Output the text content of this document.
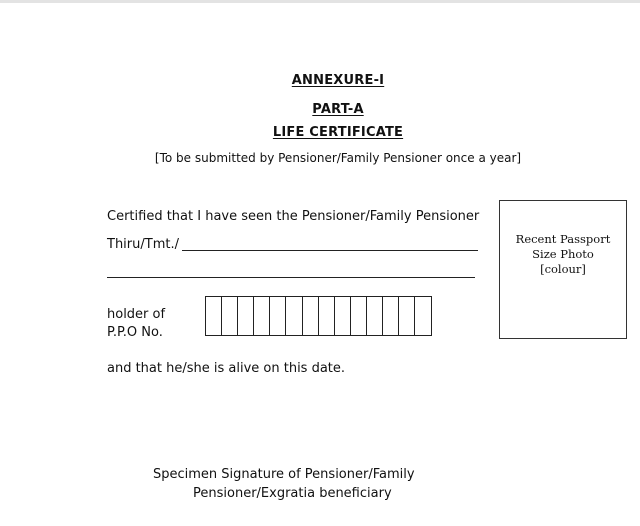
ANNEXURE-I
PART-A
LIFE CERTIFICATE
[To be submitted by Pensioner/Family Pensioner once a year]
Certified that I have seen the Pensioner/Family Pensioner
Thiru/Tmt./
holder of
P.P.O No.
and that he/she is alive on this date.
Recent Passport
Size Photo
[colour]
Specimen Signature of Pensioner/Family
Pensioner/Exgratia beneficiary
